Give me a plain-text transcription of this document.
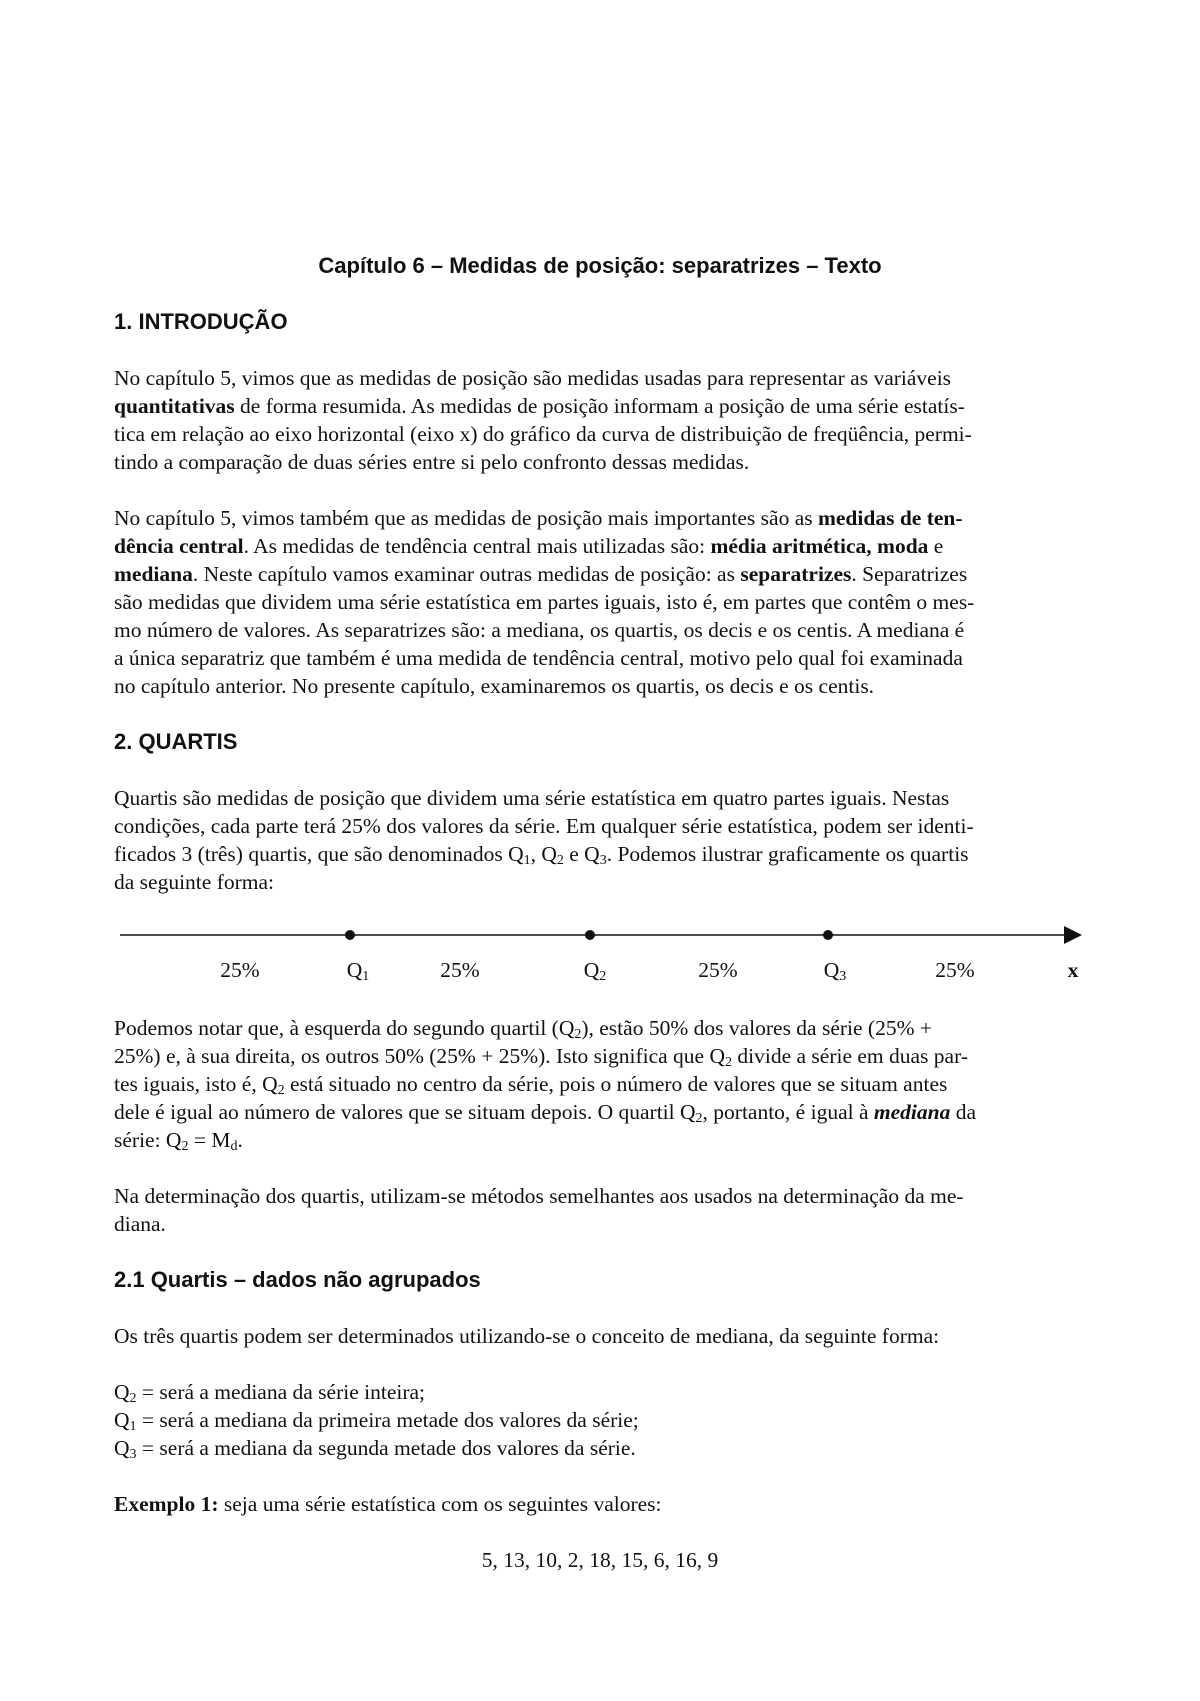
Capítulo 6 – Medidas de posição: separatrizes – Texto
1. INTRODUÇÃO
No capítulo 5, vimos que as medidas de posição são medidas usadas para representar as variáveis
quantitativas de forma resumida. As medidas de posição informam a posição de uma série estatís-
tica em relação ao eixo horizontal (eixo x) do gráfico da curva de distribuição de freqüência, permi-
tindo a comparação de duas séries entre si pelo confronto dessas medidas.
No capítulo 5, vimos também que as medidas de posição mais importantes são as medidas de ten-
dência central. As medidas de tendência central mais utilizadas são: média aritmética, moda e
mediana. Neste capítulo vamos examinar outras medidas de posição: as separatrizes. Separatrizes
são medidas que dividem uma série estatística em partes iguais, isto é, em partes que contêm o mes-
mo número de valores. As separatrizes são: a mediana, os quartis, os decis e os centis. A mediana é
a única separatriz que também é uma medida de tendência central, motivo pelo qual foi examinada
no capítulo anterior. No presente capítulo, examinaremos os quartis, os decis e os centis.
2. QUARTIS
Quartis são medidas de posição que dividem uma série estatística em quatro partes iguais. Nestas
condições, cada parte terá 25% dos valores da série. Em qualquer série estatística, podem ser identi-
ficados 3 (três) quartis, que são denominados $Q_1$, $Q_2$ e $Q_3$. Podemos ilustrar graficamente os quartis
da seguinte forma:
25%	$Q_1$	25%	$Q_2$	25%	$Q_3$	25%	x
Podemos notar que, à esquerda do segundo quartil $(Q_2)$, estão 50% dos valores da série (25% +
25%) e, à sua direita, os outros 50% (25% + 25%). Isto significa que $Q_2$ divide a série em duas par-
tes iguais, isto é, $Q_2$ está situado no centro da série, pois o número de valores que se situam antes
dele é igual ao número de valores que se situam depois. O quartil $Q_2$, portanto, é igual à mediana da
série: $Q_2 = M_d$.
Na determinação dos quartis, utilizam-se métodos semelhantes aos usados na determinação da me-
diana.
2.1 Quartis – dados não agrupados
Os três quartis podem ser determinados utilizando-se o conceito de mediana, da seguinte forma:
$Q_2$ = será a mediana da série inteira;
$Q_1$ = será a mediana da primeira metade dos valores da série;
$Q_3$ = será a mediana da segunda metade dos valores da série.
Exemplo 1: seja uma série estatística com os seguintes valores:
5, 13, 10, 2, 18, 15, 6, 16, 9
